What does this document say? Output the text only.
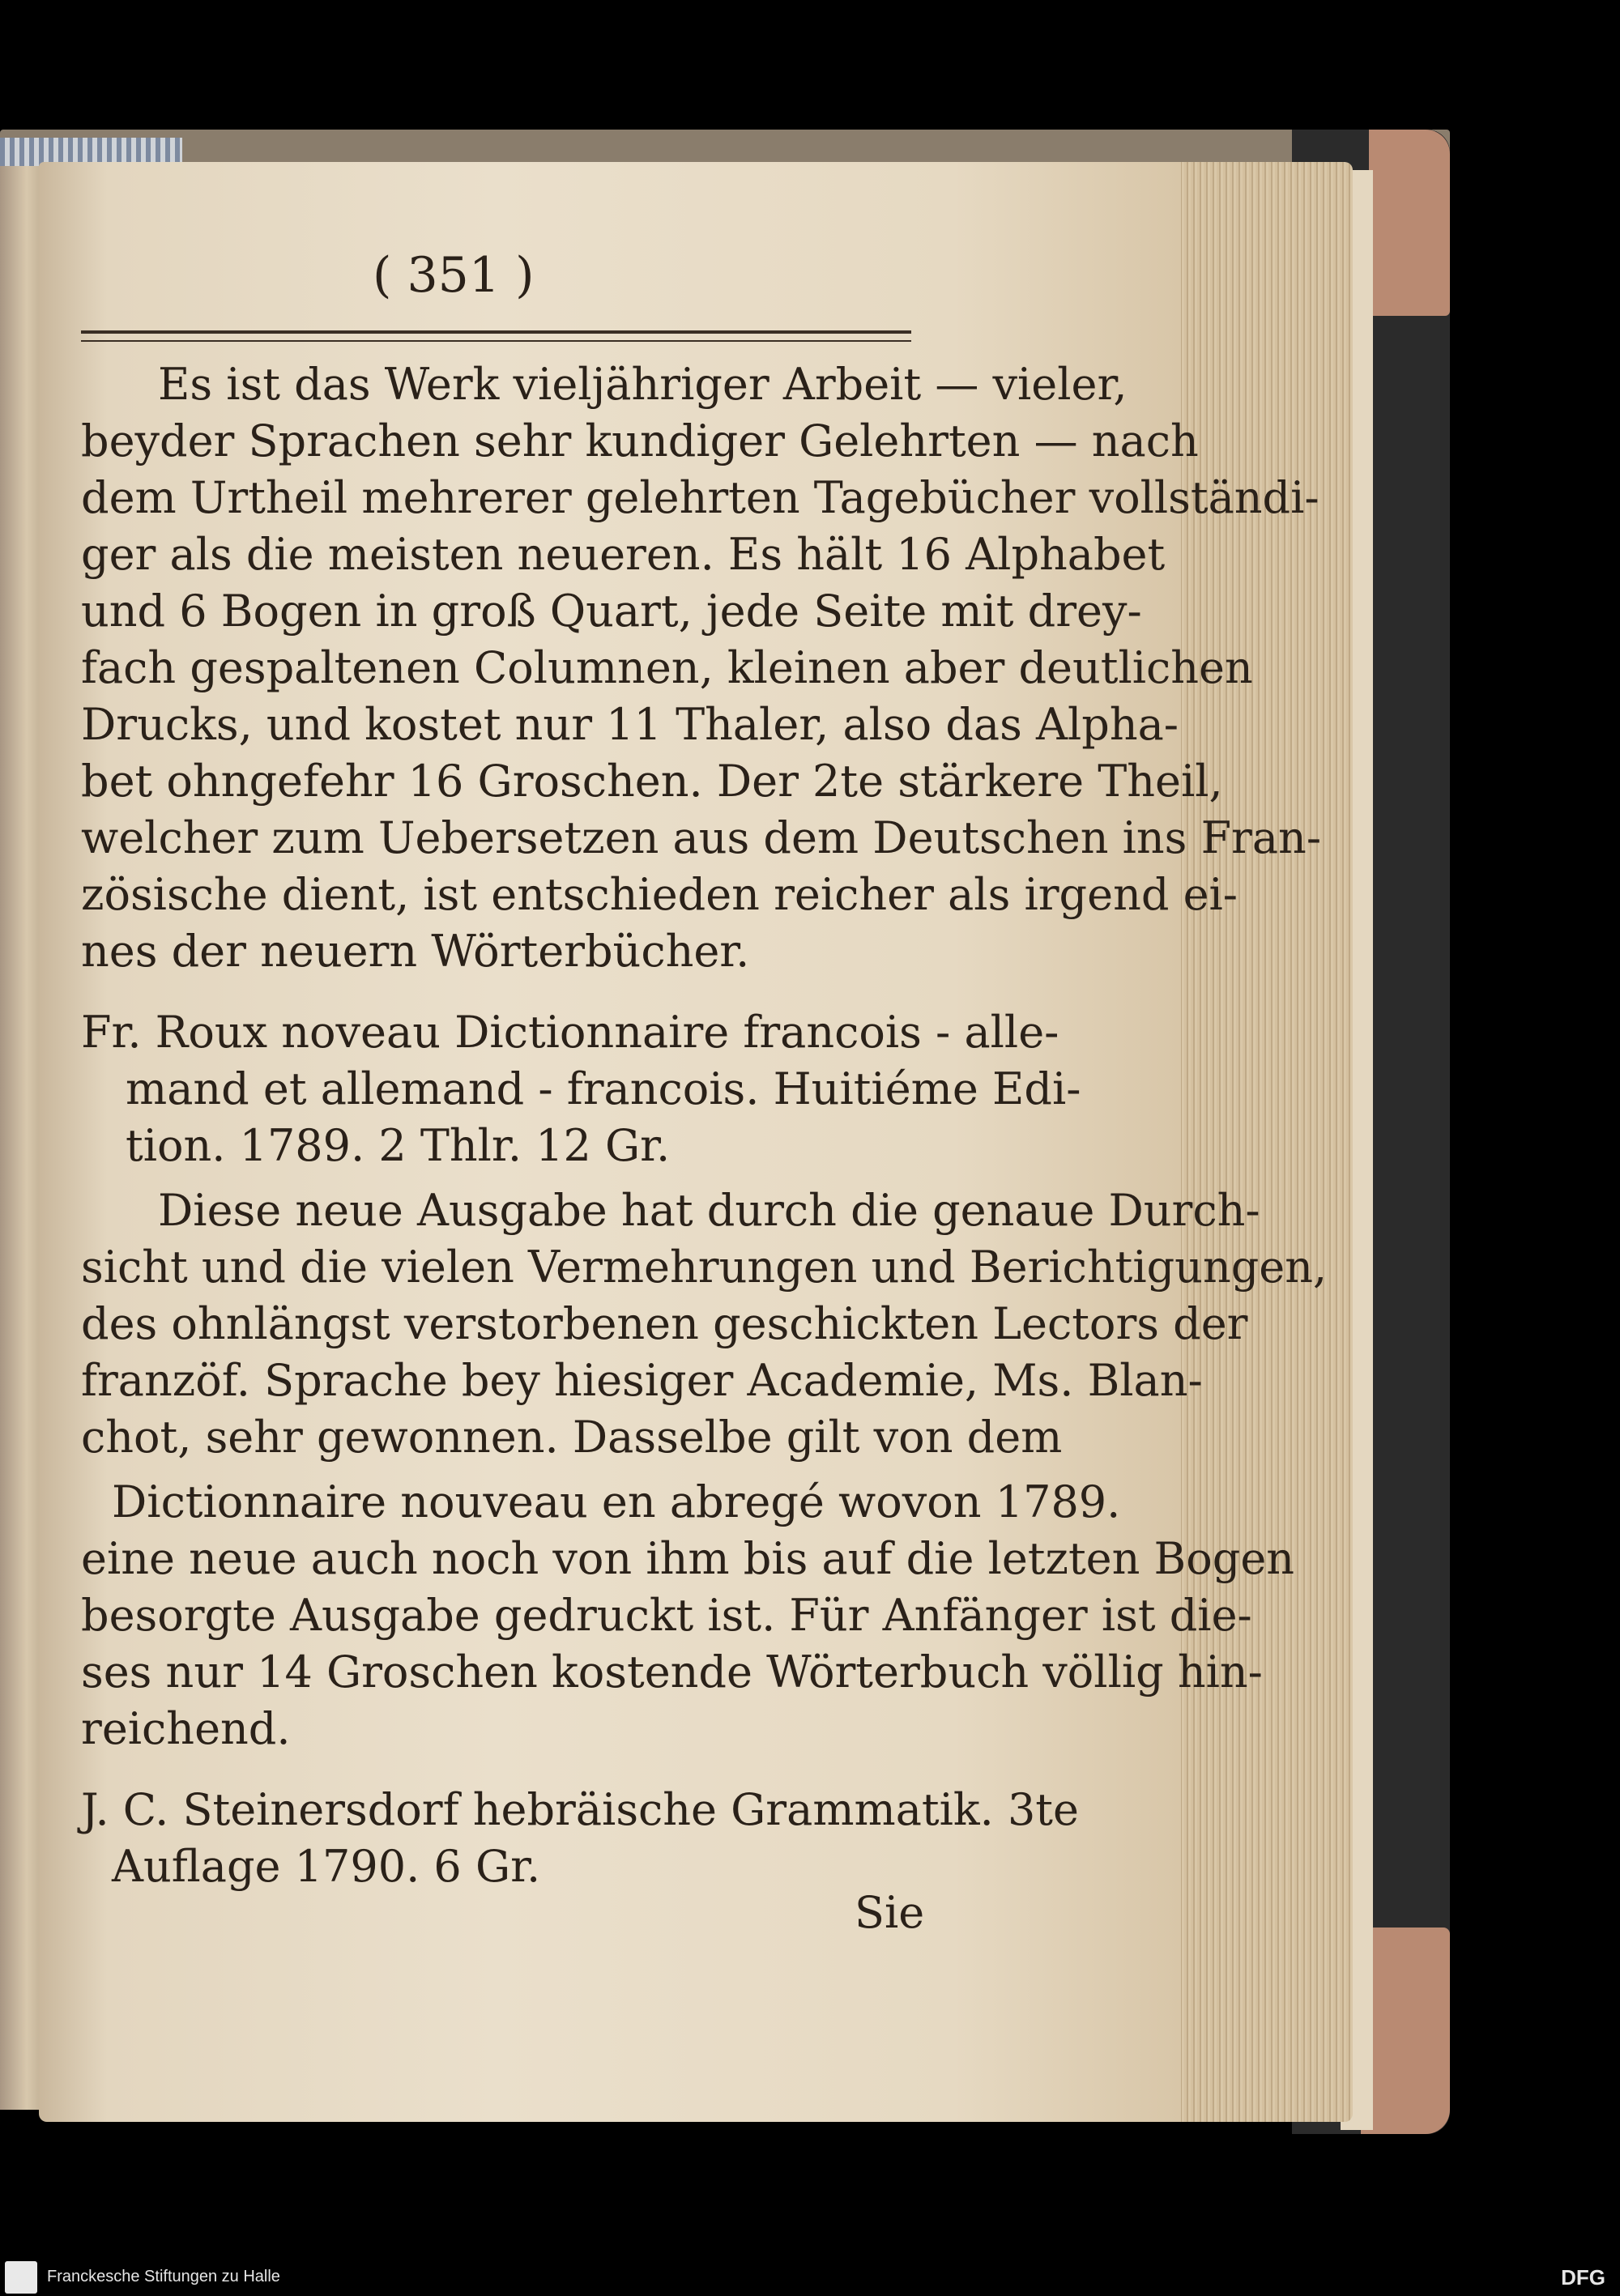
( 351 )
Es ist das Werk vieljähriger Arbeit — vieler,
beyder Sprachen sehr kundiger Gelehrten — nach
dem Urtheil mehrerer gelehrten Tagebücher vollständi-
ger als die meisten neueren. Es hält 16 Alphabet
und 6 Bogen in groß Quart, jede Seite mit drey-
fach gespaltenen Columnen, kleinen aber deutlichen
Drucks, und kostet nur 11 Thaler, also das Alpha-
bet ohngefehr 16 Groschen. Der 2te stärkere Theil,
welcher zum Uebersetzen aus dem Deutschen ins Fran-
zösische dient, ist entschieden reicher als irgend ei-
nes der neuern Wörterbücher.
Fr. Roux noveau Dictionnaire francois - alle-
mand et allemand - francois. Huitiéme Edi-
tion. 1789. 2 Thlr. 12 Gr.
Diese neue Ausgabe hat durch die genaue Durch-
sicht und die vielen Vermehrungen und Berichtigungen,
des ohnlängst verstorbenen geschickten Lectors der
franzöf. Sprache bey hiesiger Academie, Ms. Blan-
chot, sehr gewonnen. Dasselbe gilt von dem
Dictionnaire nouveau en abregé wovon 1789.
eine neue auch noch von ihm bis auf die letzten Bogen
besorgte Ausgabe gedruckt ist. Für Anfänger ist die-
ses nur 14 Groschen kostende Wörterbuch völlig hin-
reichend.
J. C. Steinersdorf hebräische Grammatik. 3te
Auflage 1790. 6 Gr.
Sie
Franckesche Stiftungen zu Halle	DFG
